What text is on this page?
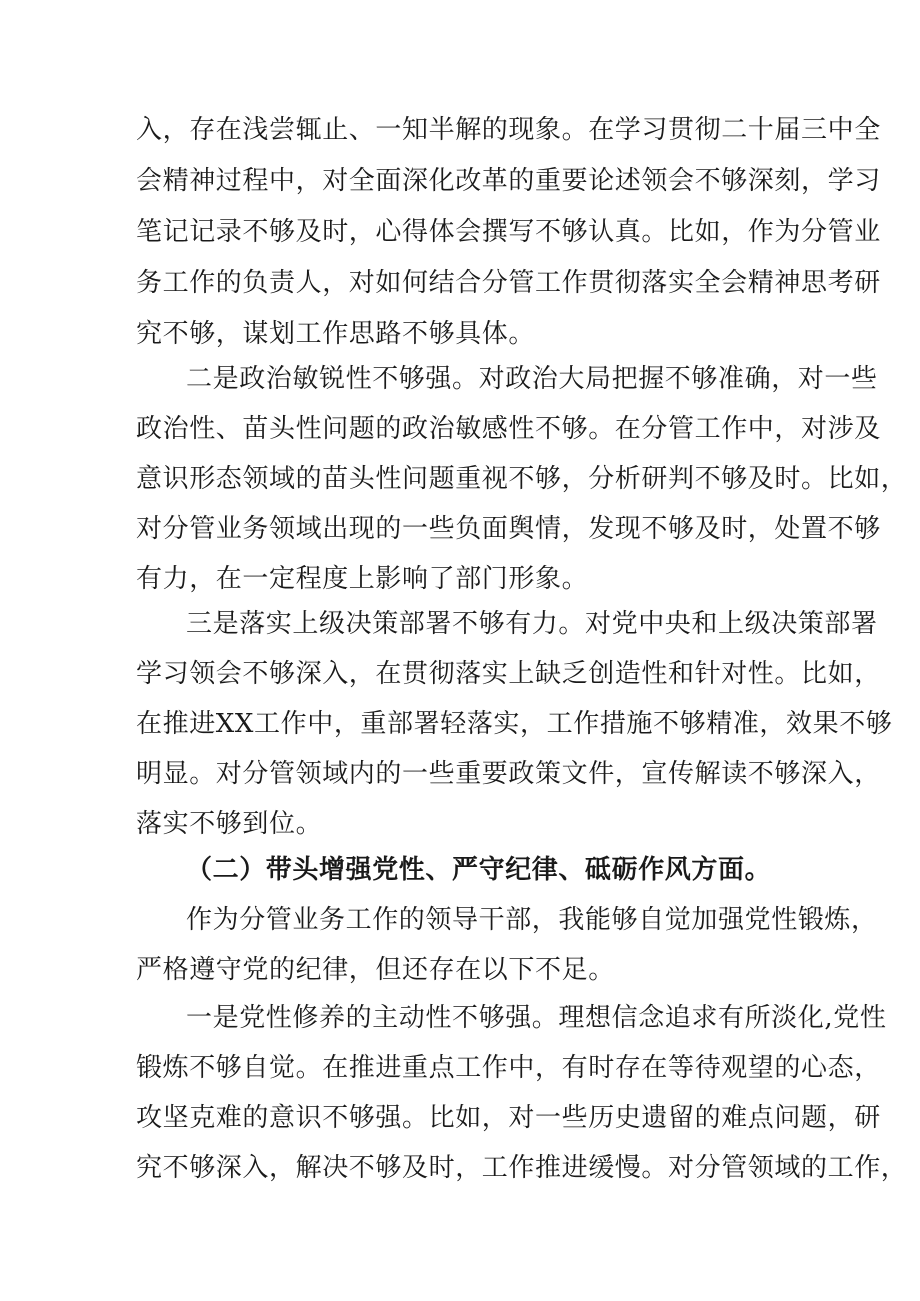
入，存在浅尝辄止、一知半解的现象。在学习贯彻二十届三中全
会精神过程中，对全面深化改革的重要论述领会不够深刻，学习
笔记记录不够及时，心得体会撰写不够认真。比如，作为分管业
务工作的负责人，对如何结合分管工作贯彻落实全会精神思考研
究不够，谋划工作思路不够具体。
二是政治敏锐性不够强。对政治大局把握不够准确，对一些
政治性、苗头性问题的政治敏感性不够。在分管工作中，对涉及
意识形态领域的苗头性问题重视不够，分析研判不够及时。比如，
对分管业务领域出现的一些负面舆情，发现不够及时，处置不够
有力，在一定程度上影响了部门形象。
三是落实上级决策部署不够有力。对党中央和上级决策部署
学习领会不够深入，在贯彻落实上缺乏创造性和针对性。比如，
在推进XX工作中，重部署轻落实，工作措施不够精准，效果不够
明显。对分管领域内的一些重要政策文件，宣传解读不够深入，
落实不够到位。
（二）带头增强党性、严守纪律、砥砺作风方面。
作为分管业务工作的领导干部，我能够自觉加强党性锻炼，
严格遵守党的纪律，但还存在以下不足。
一是党性修养的主动性不够强。理想信念追求有所淡化,党性
锻炼不够自觉。在推进重点工作中，有时存在等待观望的心态，
攻坚克难的意识不够强。比如，对一些历史遗留的难点问题，研
究不够深入，解决不够及时，工作推进缓慢。对分管领域的工作，
